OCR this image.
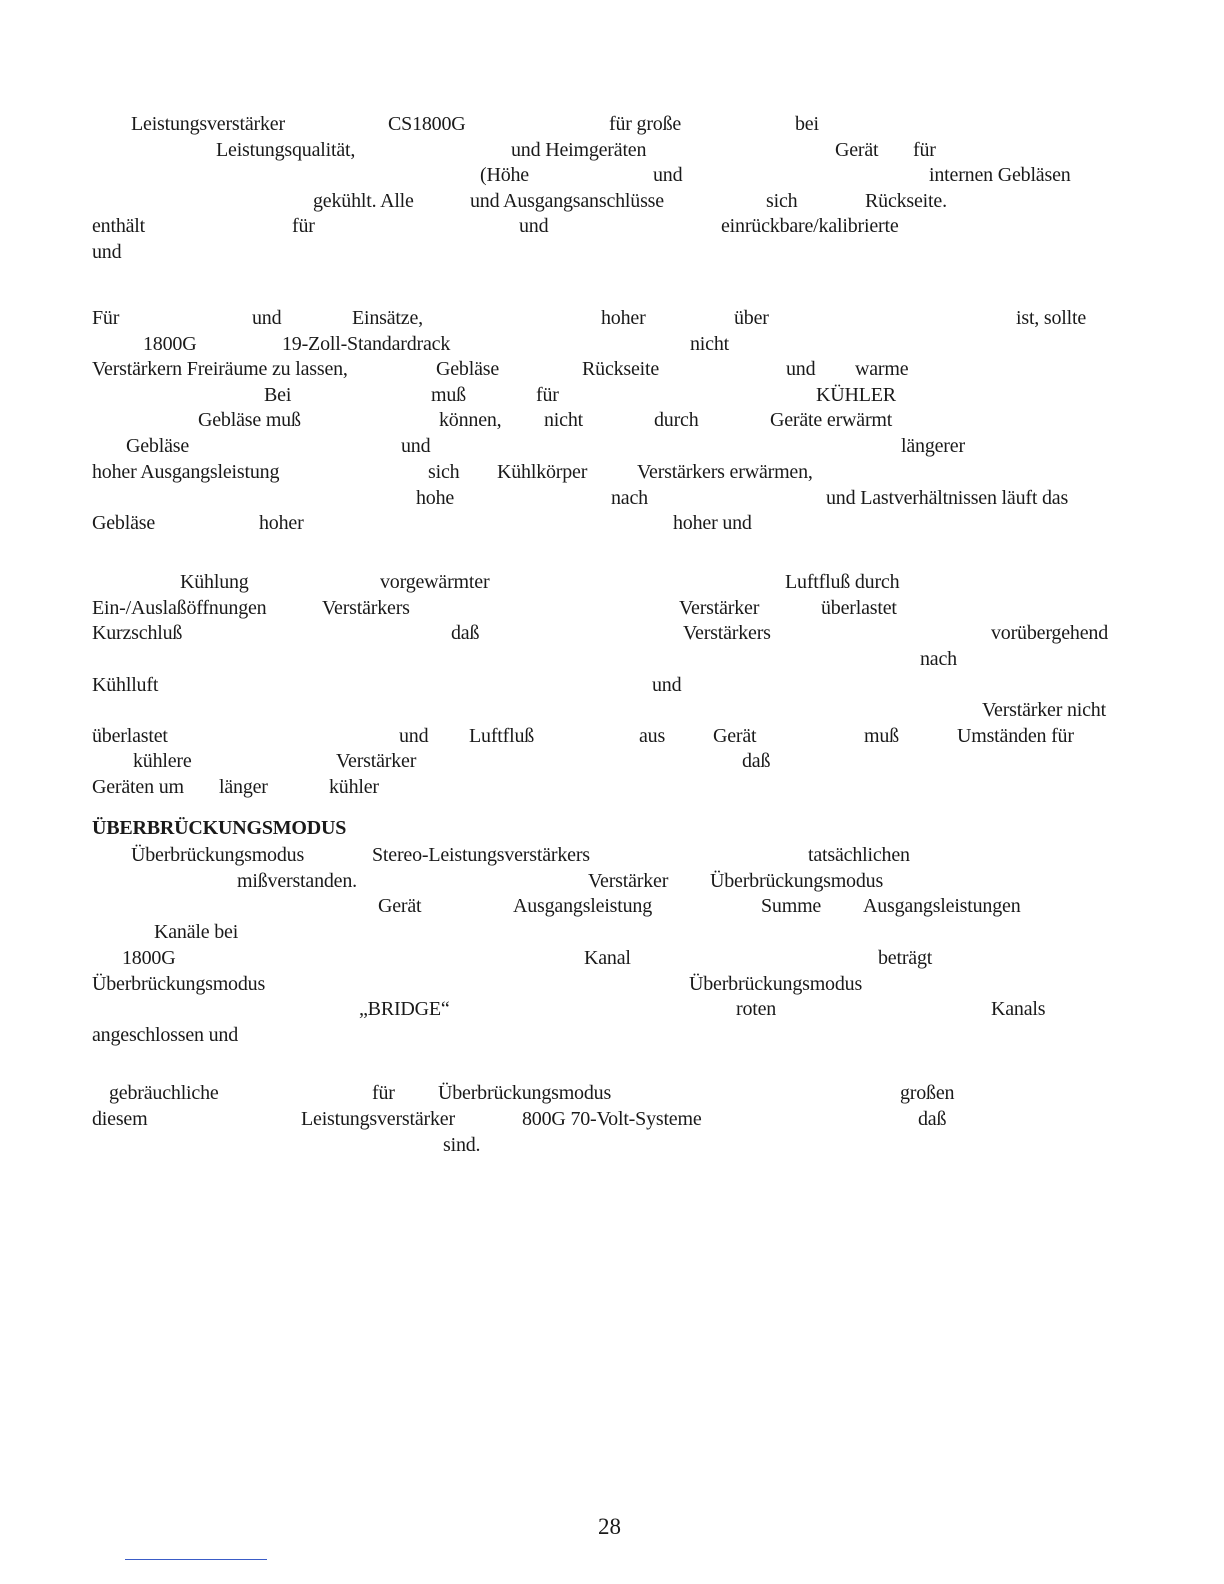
Leistungsverstärker	CS1800G	für große	bei
Leistungsqualität,	und Heimgeräten	Gerät für
(Höhe	und	internen Gebläsen
gekühlt. Alle	und Ausgangsanschlüsse	sich	Rückseite.
enthält	für	und	einrückbare/kalibrierte
und
Für	und	Einsätze,	hoher	über	ist, sollte
1800G	19-Zoll-Standardrack	nicht
Verstärkern Freiräume zu lassen,	Gebläse	Rückseite	und warme
Bei	muß	für	KÜHLER
Gebläse muß	können, nicht	durch	Geräte erwärmt
Gebläse	und	längerer
hoher Ausgangsleistung	sich Kühlkörper Verstärkers erwärmen,
hohe	nach	und Lastverhältnissen läuft das
Gebläse	hoher	hoher und
Kühlung	vorgewärmter	Luftfluß durch
Ein-/Auslaßöffnungen	Verstärkers	Verstärker	überlastet
Kurzschluß	daß	Verstärkers	vorübergehend
nach
Kühlluft	und
Verstärker nicht
überlastet	und Luftfluß	aus Gerät	muß	Umständen für
kühlere	Verstärker	daß
Geräten um länger	kühler
ÜBERBRÜCKUNGSMODUS
Überbrückungsmodus	Stereo-Leistungsverstärkers	tatsächlichen
mißverstanden.	Verstärker Überbrückungsmodus
Gerät	Ausgangsleistung	Summe Ausgangsleistungen
Kanäle bei
1800G	Kanal	beträgt
Überbrückungsmodus	Überbrückungsmodus
„BRIDGE“	roten	Kanals
angeschlossen und
gebräuchliche	für Überbrückungsmodus	großen
diesem	Leistungsverstärker	800G 70-Volt-Systeme	daß
sind.
28
